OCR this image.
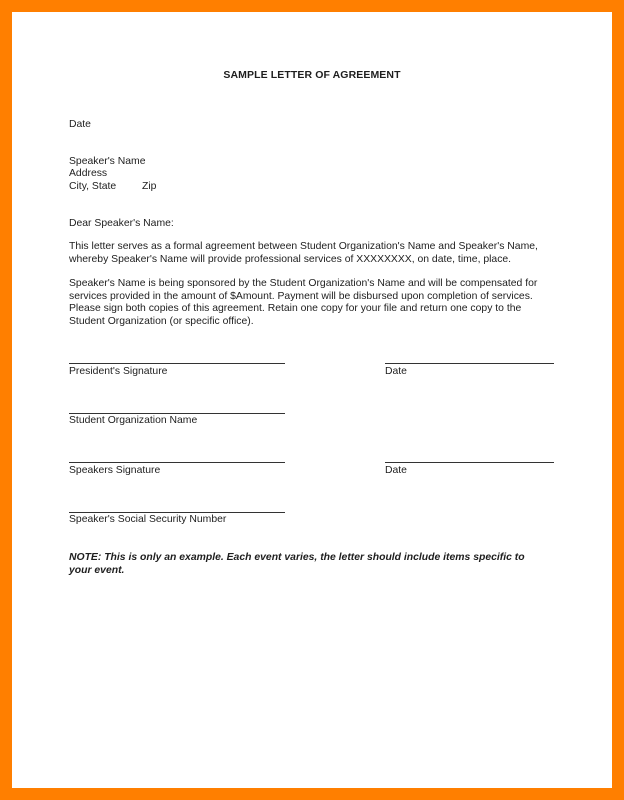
SAMPLE LETTER OF AGREEMENT
Date
Speaker's Name
Address
City, State Zip
Dear Speaker's Name:
This letter serves as a formal agreement between Student Organization's Name and Speaker's Name,
whereby Speaker's Name will provide professional services of XXXXXXXX, on date, time, place.
Speaker's Name is being sponsored by the Student Organization's Name and will be compensated for
services provided in the amount of $Amount. Payment will be disbursed upon completion of services.
Please sign both copies of this agreement. Retain one copy for your file and return one copy to the
Student Organization (or specific office).
President's Signature	Date
Student Organization Name
Speakers Signature	Date
Speaker's Social Security Number
NOTE: This is only an example. Each event varies, the letter should include items specific to
your event.
